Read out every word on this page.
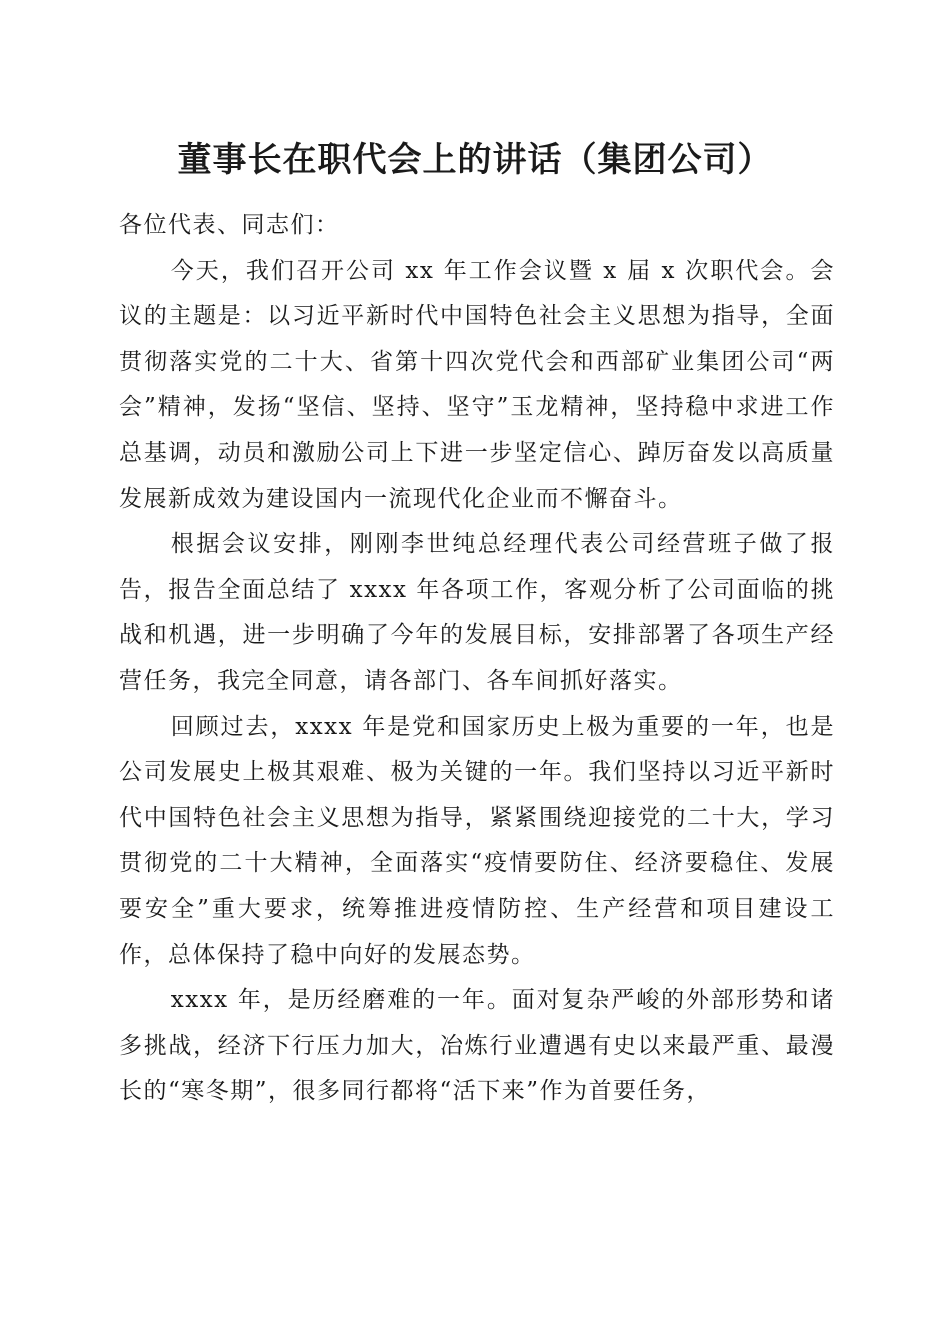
董事长在职代会上的讲话（集团公司）

各位代表、同志们：

今天，我们召开公司 xx 年工作会议暨 x 届 x 次职代会。会议的主题是：以习近平新时代中国特色社会主义思想为指导，全面贯彻落实党的二十大、省第十四次党代会和西部矿业集团公司“两会”精神，发扬“坚信、坚持、坚守”玉龙精神，坚持稳中求进工作总基调，动员和激励公司上下进一步坚定信心、踔厉奋发以高质量发展新成效为建设国内一流现代化企业而不懈奋斗。

根据会议安排，刚刚李世纯总经理代表公司经营班子做了报告，报告全面总结了 xxxx 年各项工作，客观分析了公司面临的挑战和机遇，进一步明确了今年的发展目标，安排部署了各项生产经营任务，我完全同意，请各部门、各车间抓好落实。

回顾过去，xxxx 年是党和国家历史上极为重要的一年，也是公司发展史上极其艰难、极为关键的一年。我们坚持以习近平新时代中国特色社会主义思想为指导，紧紧围绕迎接党的二十大，学习贯彻党的二十大精神，全面落实“疫情要防住、经济要稳住、发展要安全”重大要求，统筹推进疫情防控、生产经营和项目建设工作，总体保持了稳中向好的发展态势。

xxxx 年，是历经磨难的一年。面对复杂严峻的外部形势和诸多挑战，经济下行压力加大，冶炼行业遭遇有史以来最严重、最漫长的“寒冬期”，很多同行都将“活下来”作为首要任务，
